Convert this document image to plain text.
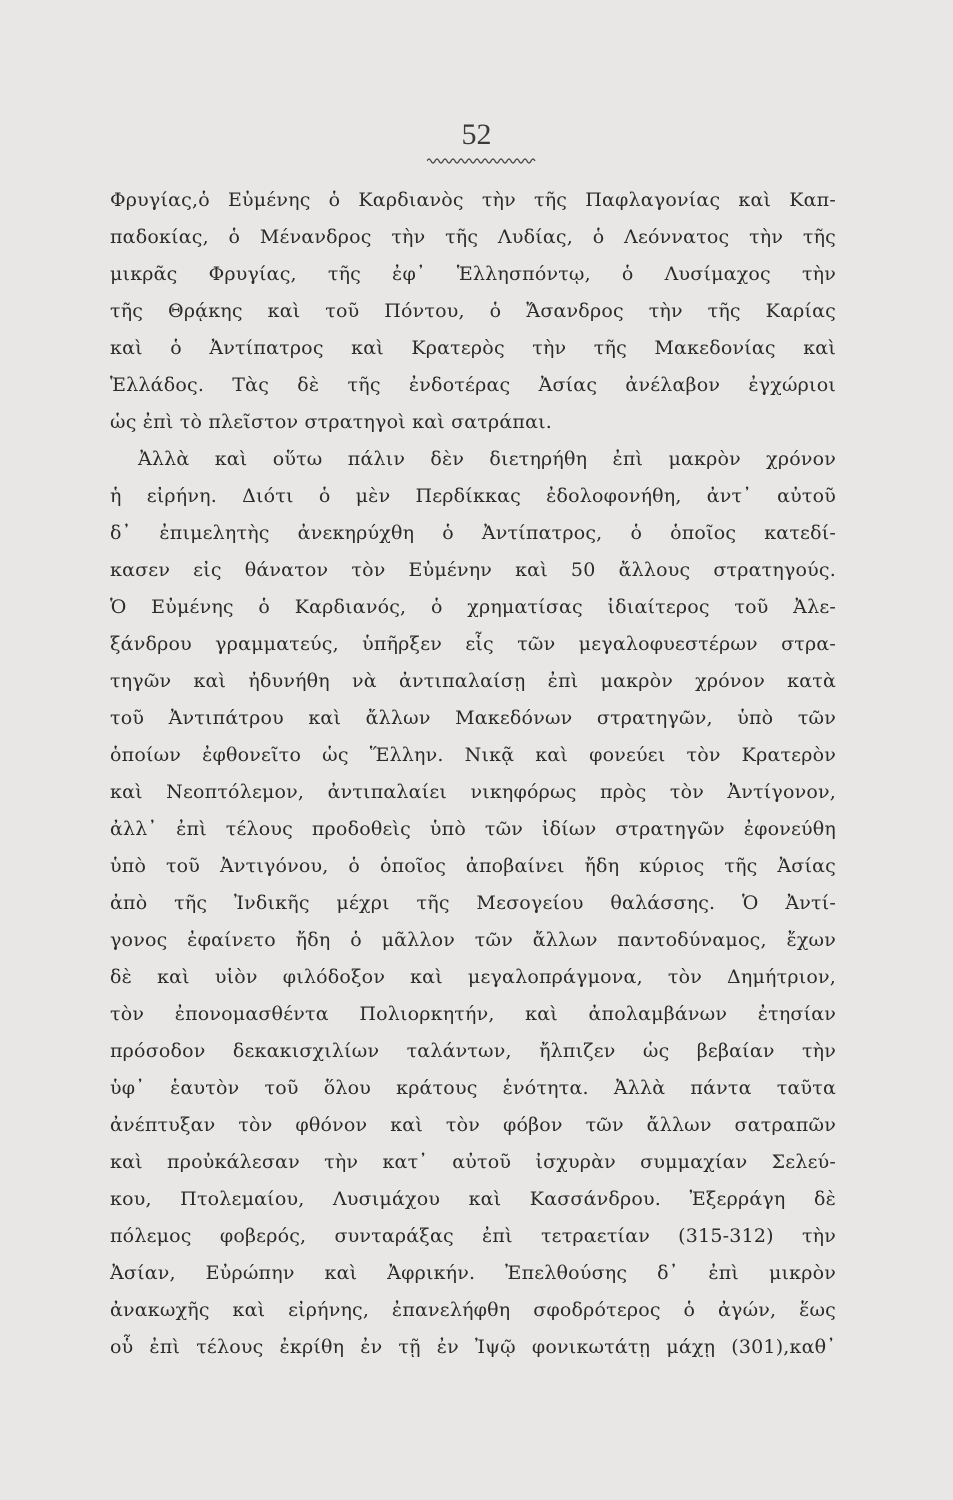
52
Φρυγίας,ὁ Εὐμένης ὁ Καρδιανὸς τὴν τῆς Παφλαγονίας καὶ Καπ-
παδοκίας, ὁ Μένανδρος τὴν τῆς Λυδίας, ὁ Λεόννατος τὴν τῆς
μικρᾶς Φρυγίας, τῆς ἐφ᾽ Ἑλλησπόντῳ, ὁ Λυσίμαχος τὴν
τῆς Θρᾴκης καὶ τοῦ Πόντου, ὁ Ἄσανδρος τὴν τῆς Καρίας
καὶ ὁ Ἀντίπατρος καὶ Κρατερὸς τὴν τῆς Μακεδονίας καὶ
Ἑλλάδος. Τὰς δὲ τῆς ἐνδοτέρας Ἀσίας ἀνέλαβον ἐγχώριοι
ὡς ἐπὶ τὸ πλεῖστον στρατηγοὶ καὶ σατράπαι.
Ἀλλὰ καὶ οὕτω πάλιν δὲν διετηρήθη ἐπὶ μακρὸν χρόνον
ἡ εἰρήνη. Διότι ὁ μὲν Περδίκκας ἐδολοφονήθη, ἀντ᾽ αὐτοῦ
δ᾽ ἐπιμελητὴς ἀνεκηρύχθη ὁ Ἀντίπατρος, ὁ ὁποῖος κατεδί-
κασεν εἰς θάνατον τὸν Εὐμένην καὶ 50 ἄλλους στρατηγούς.
Ὁ Εὐμένης ὁ Καρδιανός, ὁ χρηματίσας ἰδιαίτερος τοῦ Ἀλε-
ξάνδρου γραμματεύς, ὑπῆρξεν εἷς τῶν μεγαλοφυεστέρων στρα-
τηγῶν καὶ ἠδυνήθη νὰ ἀντιπαλαίσῃ ἐπὶ μακρὸν χρόνον κατὰ
τοῦ Ἀντιπάτρου καὶ ἄλλων Μακεδόνων στρατηγῶν, ὑπὸ τῶν
ὁποίων ἐφθονεῖτο ὡς Ἕλλην. Νικᾷ καὶ φονεύει τὸν Κρατερὸν
καὶ Νεοπτόλεμον, ἀντιπαλαίει νικηφόρως πρὸς τὸν Ἀντίγονον,
ἀλλ᾽ ἐπὶ τέλους προδοθεὶς ὑπὸ τῶν ἰδίων στρατηγῶν ἐφονεύθη
ὑπὸ τοῦ Ἀντιγόνου, ὁ ὁποῖος ἀποβαίνει ἤδη κύριος τῆς Ἀσίας
ἀπὸ τῆς Ἰνδικῆς μέχρι τῆς Μεσογείου θαλάσσης. Ὁ Ἀντί-
γονος ἐφαίνετο ἤδη ὁ μᾶλλον τῶν ἄλλων παντοδύναμος, ἔχων
δὲ καὶ υἱὸν φιλόδοξον καὶ μεγαλοπράγμονα, τὸν Δημήτριον,
τὸν ἐπονομασθέντα Πολιορκητήν, καὶ ἀπολαμβάνων ἐτησίαν
πρόσοδον δεκακισχιλίων ταλάντων, ἤλπιζεν ὡς βεβαίαν τὴν
ὑφ᾽ ἑαυτὸν τοῦ ὅλου κράτους ἑνότητα. Ἀλλὰ πάντα ταῦτα
ἀνέπτυξαν τὸν φθόνον καὶ τὸν φόβον τῶν ἄλλων σατραπῶν
καὶ προὐκάλεσαν τὴν κατ᾽ αὐτοῦ ἰσχυρὰν συμμαχίαν Σελεύ-
κου, Πτολεμαίου, Λυσιμάχου καὶ Κασσάνδρου. Ἐξερράγη δὲ
πόλεμος φοβερός, συνταράξας ἐπὶ τετραετίαν (315-312) τὴν
Ἀσίαν, Εὐρώπην καὶ Ἀφρικήν. Ἐπελθούσης δ᾽ ἐπὶ μικρὸν
ἀνακωχῆς καὶ εἰρήνης, ἐπανελήφθη σφοδρότερος ὁ ἀγών, ἕως
οὗ ἐπὶ τέλους ἐκρίθη ἐν τῇ ἐν Ἰψῷ φονικωτάτῃ μάχῃ (301),καθ᾽
